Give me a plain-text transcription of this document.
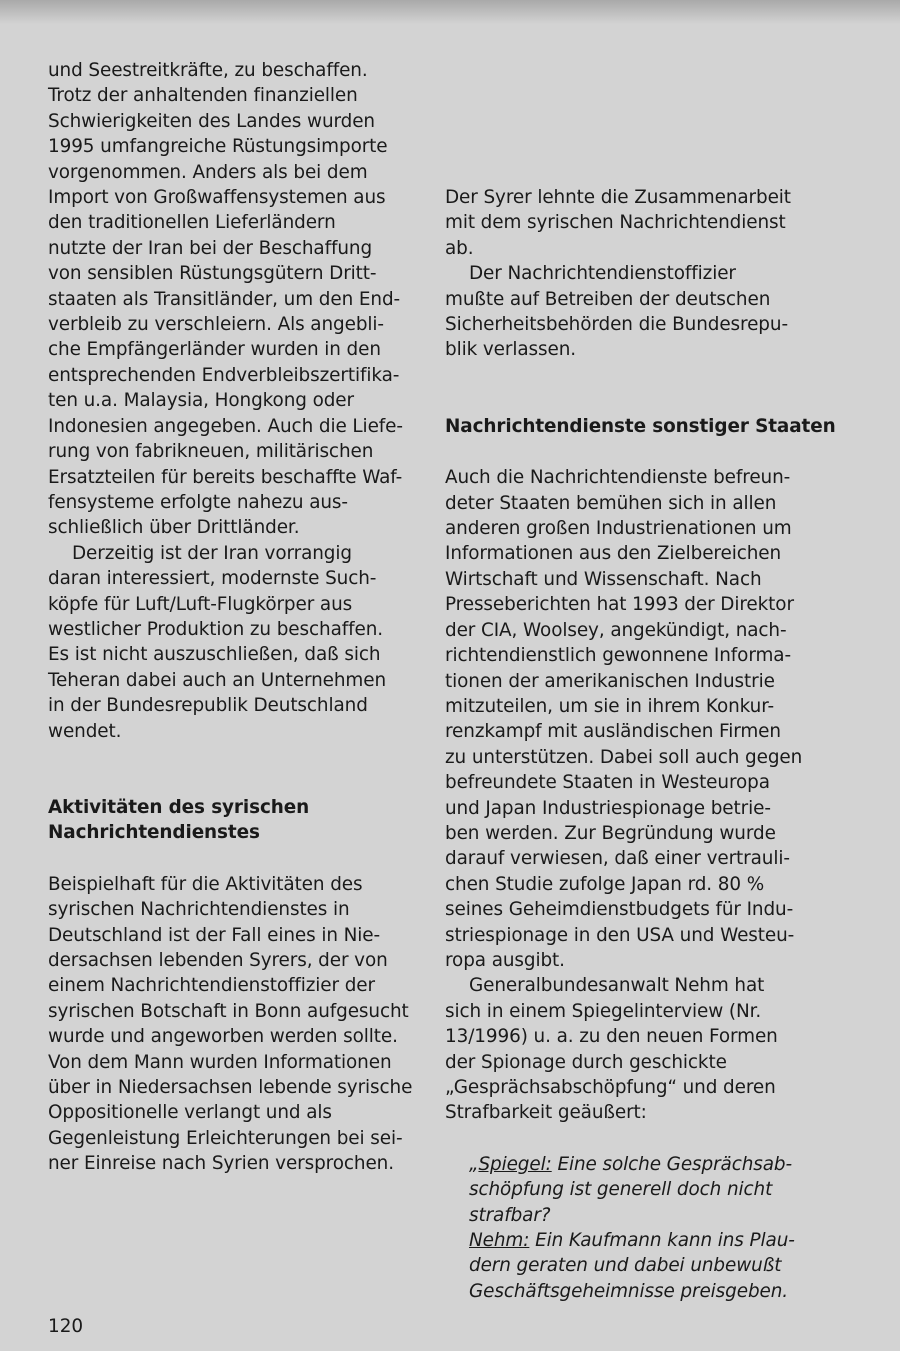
und Seestreitkräfte, zu beschaffen.
Trotz der anhaltenden finanziellen
Schwierigkeiten des Landes wurden
1995 umfangreiche Rüstungsimporte
vorgenommen. Anders als bei dem
Import von Großwaffensystemen aus
den traditionellen Lieferländern
nutzte der Iran bei der Beschaffung
von sensiblen Rüstungsgütern Dritt-
staaten als Transitländer, um den End-
verbleib zu verschleiern. Als angebli-
che Empfängerländer wurden in den
entsprechenden Endverbleibszertifika-
ten u.a. Malaysia, Hongkong oder
Indonesien angegeben. Auch die Liefe-
rung von fabrikneuen, militärischen
Ersatzteilen für bereits beschaffte Waf-
fensysteme erfolgte nahezu aus-
schließlich über Drittländer.
Derzeitig ist der Iran vorrangig
daran interessiert, modernste Such-
köpfe für Luft/Luft-Flugkörper aus
westlicher Produktion zu beschaffen.
Es ist nicht auszuschließen, daß sich
Teheran dabei auch an Unternehmen
in der Bundesrepublik Deutschland
wendet.
Aktivitäten des syrischen
Nachrichtendienstes
Beispielhaft für die Aktivitäten des
syrischen Nachrichtendienstes in
Deutschland ist der Fall eines in Nie-
dersachsen lebenden Syrers, der von
einem Nachrichtendienstoffizier der
syrischen Botschaft in Bonn aufgesucht
wurde und angeworben werden sollte.
Von dem Mann wurden Informationen
über in Niedersachsen lebende syrische
Oppositionelle verlangt und als
Gegenleistung Erleichterungen bei sei-
ner Einreise nach Syrien versprochen.
Der Syrer lehnte die Zusammenarbeit
mit dem syrischen Nachrichtendienst
ab.
Der Nachrichtendienstoffizier
mußte auf Betreiben der deutschen
Sicherheitsbehörden die Bundesrepu-
blik verlassen.
Nachrichtendienste sonstiger Staaten
Auch die Nachrichtendienste befreun-
deter Staaten bemühen sich in allen
anderen großen Industrienationen um
Informationen aus den Zielbereichen
Wirtschaft und Wissenschaft. Nach
Presseberichten hat 1993 der Direktor
der CIA, Woolsey, angekündigt, nach-
richtendienstlich gewonnene Informa-
tionen der amerikanischen Industrie
mitzuteilen, um sie in ihrem Konkur-
renzkampf mit ausländischen Firmen
zu unterstützen. Dabei soll auch gegen
befreundete Staaten in Westeuropa
und Japan Industriespionage betrie-
ben werden. Zur Begründung wurde
darauf verwiesen, daß einer vertrauli-
chen Studie zufolge Japan rd. 80 %
seines Geheimdienstbudgets für Indu-
striespionage in den USA und Westeu-
ropa ausgibt.
Generalbundesanwalt Nehm hat
sich in einem Spiegelinterview (Nr.
13/1996) u. a. zu den neuen Formen
der Spionage durch geschickte
„Gesprächsabschöpfung“ und deren
Strafbarkeit geäußert:
„Spiegel: Eine solche Gesprächsab-
schöpfung ist generell doch nicht
strafbar?
Nehm: Ein Kaufmann kann ins Plau-
dern geraten und dabei unbewußt
Geschäftsgeheimnisse preisgeben.
120
